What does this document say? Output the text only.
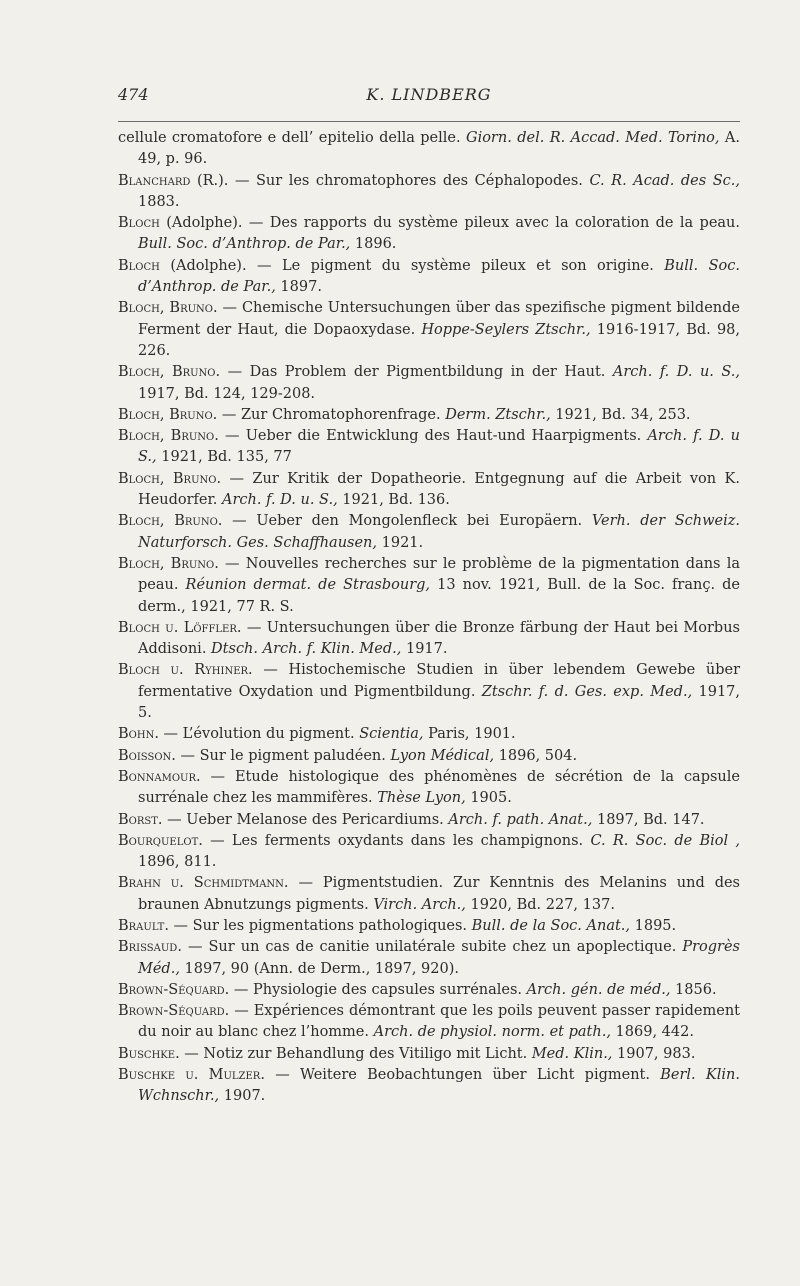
474	K. LINDBERG
cellule cromatofore e dell’ epitelio della pelle. Giorn. del. R. Accad. Med. Torino, A. 49, p. 96.
Blanchard (R.). — Sur les chromatophores des Céphalopodes. C. R. Acad. des Sc., 1883.
Bloch (Adolphe). — Des rapports du système pileux avec la coloration de la peau. Bull. Soc. d’Anthrop. de Par., 1896.
Bloch (Adolphe). — Le pigment du système pileux et son origine. Bull. Soc. d’Anthrop. de Par., 1897.
Bloch, Bruno. — Chemische Untersuchungen über das spezifische pigment bildende Ferment der Haut, die Dopaoxydase. Hoppe-Seylers Ztschr., 1916-1917, Bd. 98, 226.
Bloch, Bruno. — Das Problem der Pigmentbildung in der Haut. Arch. f. D. u. S., 1917, Bd. 124, 129-208.
Bloch, Bruno. — Zur Chromatophorenfrage. Derm. Ztschr., 1921, Bd. 34, 253.
Bloch, Bruno. — Ueber die Entwicklung des Haut-und Haarpigments. Arch. f. D. u S., 1921, Bd. 135, 77
Bloch, Bruno. — Zur Kritik der Dopatheorie. Entgegnung auf die Arbeit von K. Heudorfer. Arch. f. D. u. S., 1921, Bd. 136.
Bloch, Bruno. — Ueber den Mongolenfleck bei Europäern. Verh. der Schweiz. Naturforsch. Ges. Schaffhausen, 1921.
Bloch, Bruno. — Nouvelles recherches sur le problème de la pigmentation dans la peau. Réunion dermat. de Strasbourg, 13 nov. 1921, Bull. de la Soc. franç. de derm., 1921, 77 R. S.
Bloch u. Löffler. — Untersuchungen über die Bronze färbung der Haut bei Morbus Addisoni. Dtsch. Arch. f. Klin. Med., 1917.
Bloch u. Ryhiner. — Histochemische Studien in über lebendem Gewebe über fermentative Oxydation und Pigmentbildung. Ztschr. f. d. Ges. exp. Med., 1917, 5.
Bohn. — L’évolution du pigment. Scientia, Paris, 1901.
Boisson. — Sur le pigment paludéen. Lyon Médical, 1896, 504.
Bonnamour. — Etude histologique des phénomènes de sécrétion de la capsule surrénale chez les mammifères. Thèse Lyon, 1905.
Borst. — Ueber Melanose des Pericardiums. Arch. f. path. Anat., 1897, Bd. 147.
Bourquelot. — Les ferments oxydants dans les champignons. C. R. Soc. de Biol , 1896, 811.
Brahn u. Schmidtmann. — Pigmentstudien. Zur Kenntnis des Melanins und des braunen Abnutzungs pigments. Virch. Arch., 1920, Bd. 227, 137.
Brault. — Sur les pigmentations pathologiques. Bull. de la Soc. Anat., 1895.
Brissaud. — Sur un cas de canitie unilatérale subite chez un apoplectique. Progrès Méd., 1897, 90 (Ann. de Derm., 1897, 920).
Brown-Séquard. — Physiologie des capsules surrénales. Arch. gén. de méd., 1856.
Brown-Séquard. — Expériences démontrant que les poils peuvent passer rapidement du noir au blanc chez l’homme. Arch. de physiol. norm. et path., 1869, 442.
Buschke. — Notiz zur Behandlung des Vitiligo mit Licht. Med. Klin., 1907, 983.
Buschke u. Mulzer. — Weitere Beobachtungen über Licht pigment. Berl. Klin. Wchnschr., 1907.
